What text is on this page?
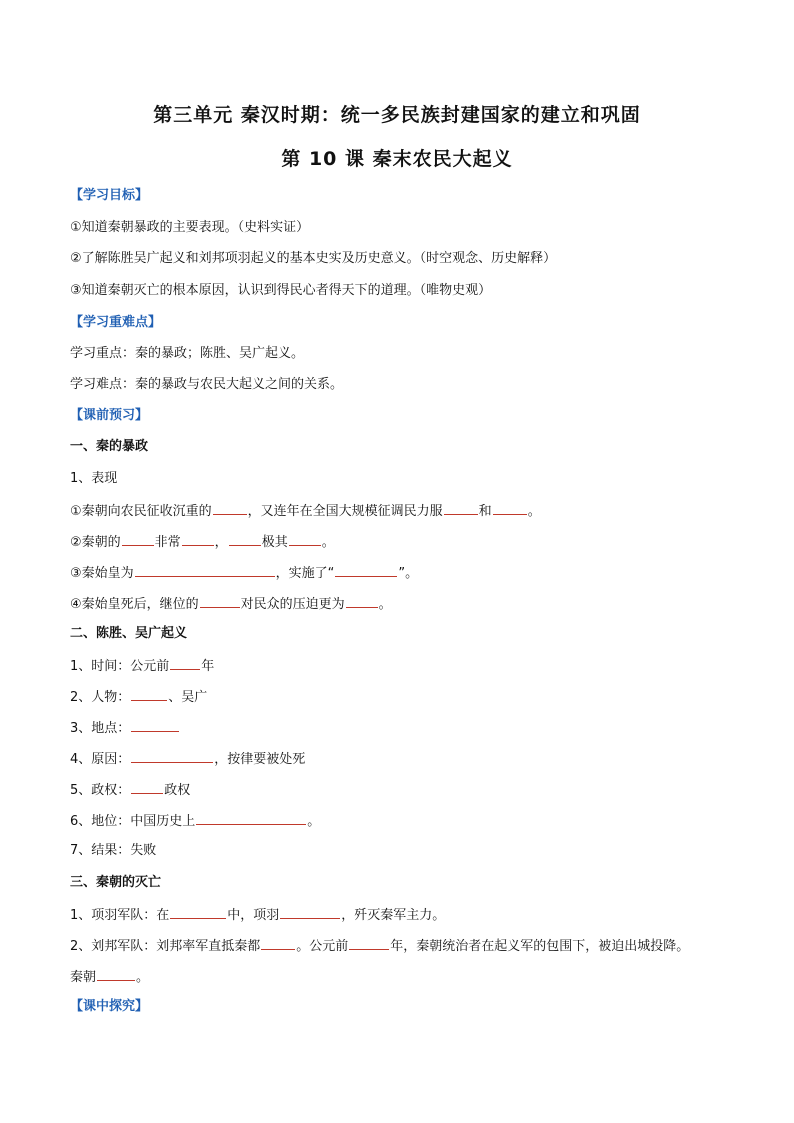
第三单元 秦汉时期：统一多民族封建国家的建立和巩固
第 10 课 秦末农民大起义
【学习目标】
①知道秦朝暴政的主要表现。（史料实证）
②了解陈胜吴广起义和刘邦项羽起义的基本史实及历史意义。（时空观念、历史解释）
③知道秦朝灭亡的根本原因，认识到得民心者得天下的道理。（唯物史观）
【学习重难点】
学习重点：秦的暴政；陈胜、吴广起义。
学习难点：秦的暴政与农民大起义之间的关系。
【课前预习】
一、秦的暴政
1、表现
①秦朝向农民征收沉重的	，又连年在全国大规模征调民力服	和	。
②秦朝的	非常	，	极其	。
③秦始皇为	，实施了“	”。
④秦始皇死后，继位的	对民众的压迫更为	。
二、陈胜、吴广起义
1、时间：公元前 年
2、人物：	、吴广
3、地点：
4、原因：	，按律要被处死
5、政权：	政权
6、地位：中国历史上	。
7、结果：失败
三、秦朝的灭亡
1、项羽军队：在	中，项羽	，歼灭秦军主力。
2、刘邦军队：刘邦率军直抵秦都	。公元前	年，秦朝统治者在起义军的包围下，被迫出城投降。
秦朝	。
【课中探究】
